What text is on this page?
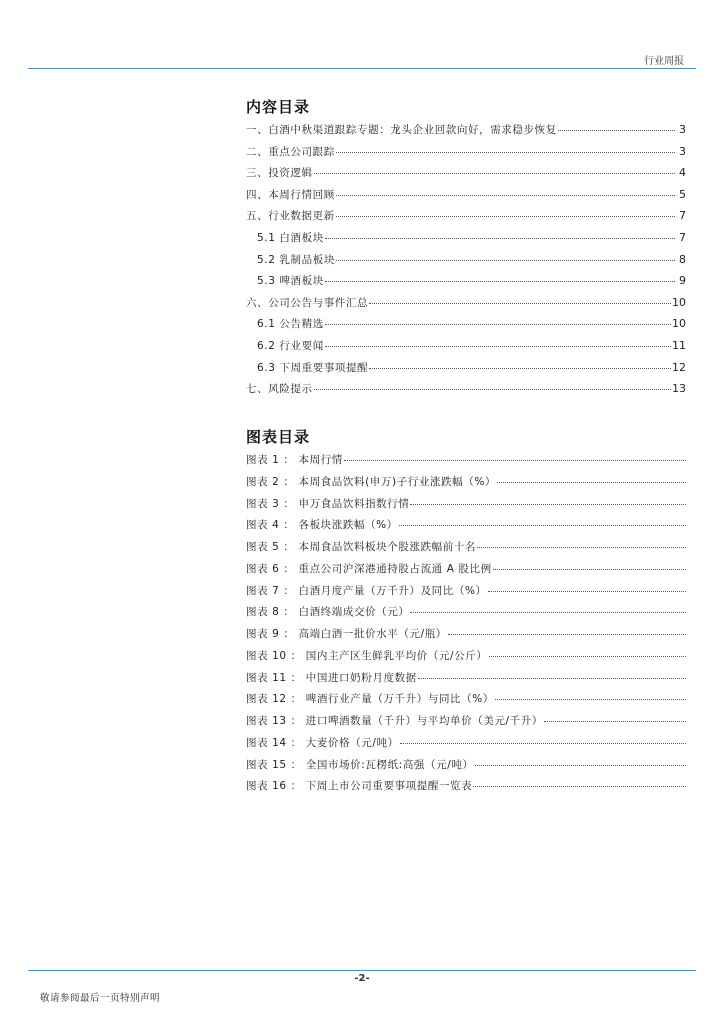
行业周报
内容目录
一、白酒中秋渠道跟踪专题：龙头企业回款向好，需求稳步恢复	3
二、重点公司跟踪	3
三、投资逻辑	4
四、本周行情回顾	5
五、行业数据更新	7
5.1 白酒板块	7
5.2 乳制品板块	8
5.3 啤酒板块	9
六、公司公告与事件汇总	10
6.1 公告精选	10
6.2 行业要闻	11
6.3 下周重要事项提醒	12
七、风险提示	13
图表目录
图表 1 ： 本周行情
图表 2 ： 本周食品饮料(申万)子行业涨跌幅（%）
图表 3 ： 申万食品饮料指数行情
图表 4 ： 各板块涨跌幅（%）
图表 5 ： 本周食品饮料板块个股涨跌幅前十名
图表 6 ： 重点公司沪深港通持股占流通 A 股比例
图表 7 ： 白酒月度产量（万千升）及同比（%）
图表 8 ： 白酒终端成交价（元）
图表 9 ： 高端白酒一批价水平（元/瓶）
图表 10 ： 国内主产区生鲜乳平均价（元/公斤）
图表 11 ： 中国进口奶粉月度数据
图表 12 ： 啤酒行业产量（万千升）与同比（%）
图表 13 ： 进口啤酒数量（千升）与平均单价（美元/千升）
图表 14 ： 大麦价格（元/吨）
图表 15 ： 全国市场价:瓦楞纸:高强（元/吨）
图表 16 ： 下周上市公司重要事项提醒一览表
-2-
敬请参阅最后一页特别声明
